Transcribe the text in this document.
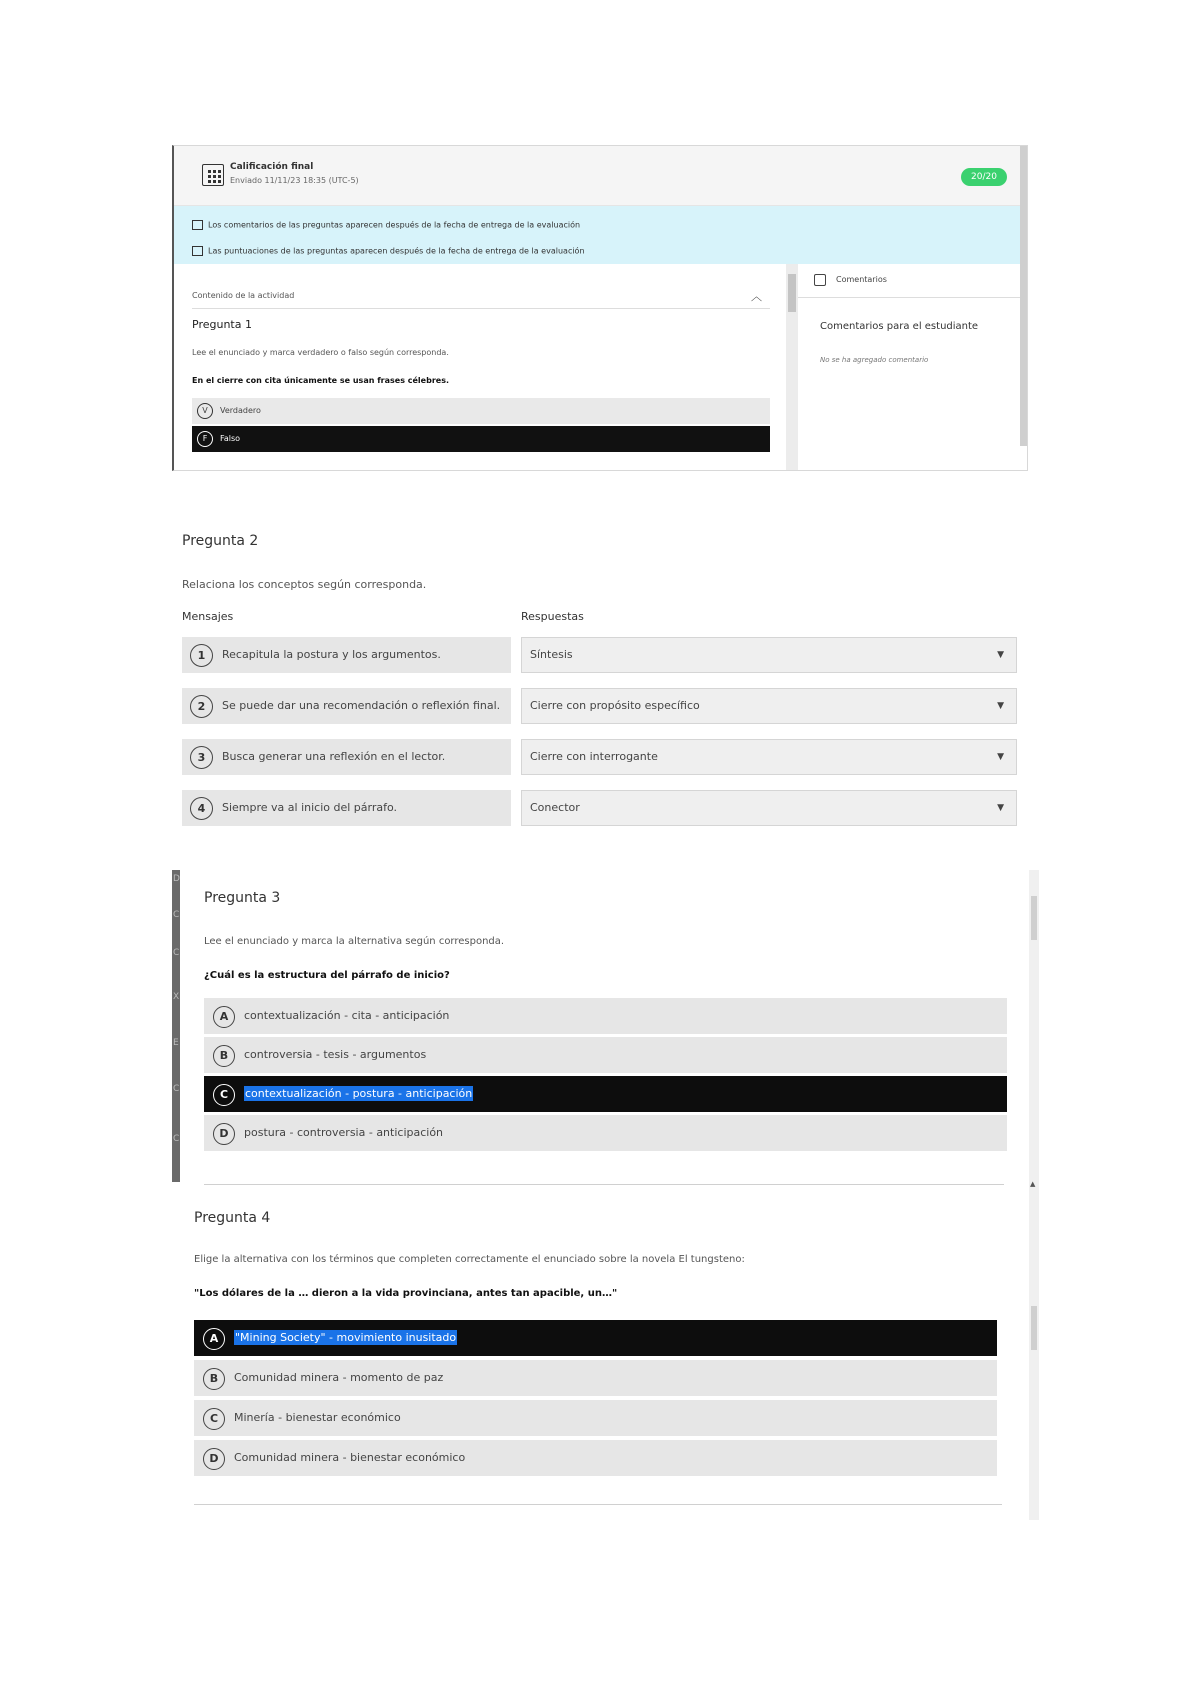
Calificación final
Enviado 11/11/23 18:35 (UTC-5)	20/20
Los comentarios de las preguntas aparecen después de la fecha de entrega de la evaluación
Las puntuaciones de las preguntas aparecen después de la fecha de entrega de la evaluación
Contenido de la actividad	︿
Pregunta 1
Lee el enunciado y marca verdadero o falso según corresponda.
En el cierre con cita únicamente se usan frases célebres.
V	Verdadero
F	Falso
Comentarios
Comentarios para el estudiante
No se ha agregado comentario
Pregunta 2
Relaciona los conceptos según corresponda.
Mensajes	Respuestas
1	Recapitula la postura y los argumentos.	Síntesis	▼
2	Se puede dar una recomendación o reflexión final.	Cierre con propósito específico	▼
3	Busca generar una reflexión en el lector.	Cierre con interrogante	▼
4	Siempre va al inicio del párrafo.	Conector	▼
D
C
C
X
E
C
C
▲
Pregunta 3
Lee el enunciado y marca la alternativa según corresponda.
¿Cuál es la estructura del párrafo de inicio?
A	contextualización - cita - anticipación
B	controversia - tesis - argumentos
C	contextualización - postura - anticipación
D	postura - controversia - anticipación
Pregunta 4
Elige la alternativa con los términos que completen correctamente el enunciado sobre la novela El tungsteno:
"Los dólares de la … dieron a la vida provinciana, antes tan apacible, un…"
A	"Mining Society" - movimiento inusitado
B	Comunidad minera - momento de paz
C	Minería - bienestar económico
D	Comunidad minera - bienestar económico
